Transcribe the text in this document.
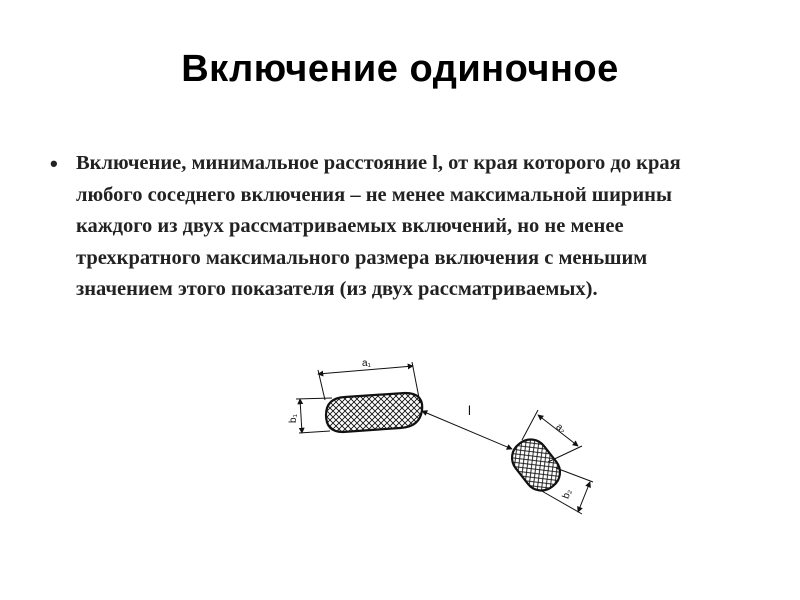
Включение одиночное
• Включение, минимальное расстояние l, от края которого до края любого соседнего включения – не менее максимальной ширины каждого из двух рассматриваемых включений, но не менее трехкратного максимального размера включения с меньшим значением этого показателя (из двух рассматриваемых).
a₁
b₁
l
a₂
b₂
